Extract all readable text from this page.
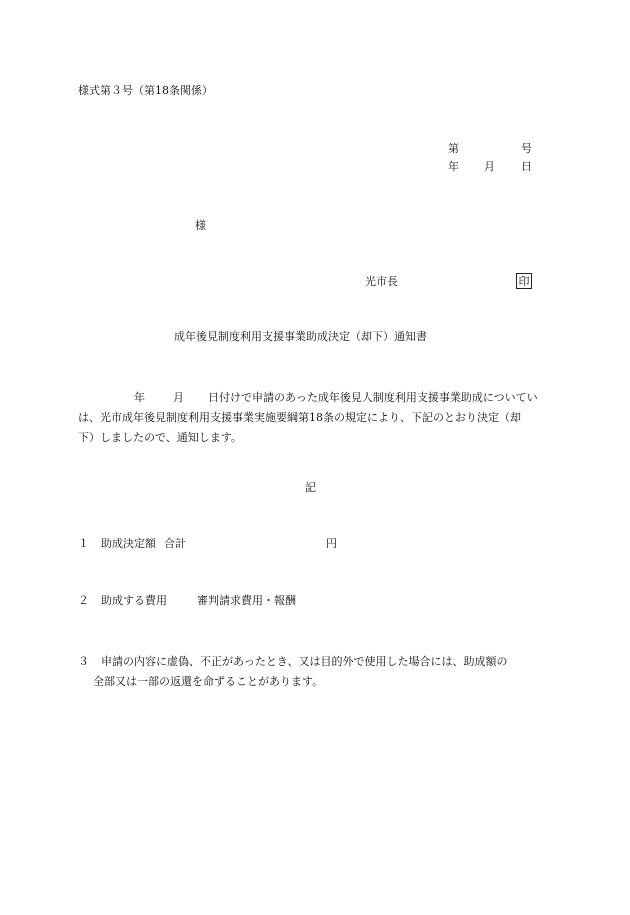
様式第３号（第18条関係）
第	号
年 月 日
様
光市長	印
成年後見制度利用支援事業助成決定（却下）通知書
年	月 日付けで申請のあった成年後見人制度利用支援事業助成についてい
は、光市成年後見制度利用支援事業実施要綱第18条の規定により、下記のとおり決定（却
下）しましたので、通知します。
記
１ 助成決定額 合計	円
２ 助成する費用	審判請求費用・報酬
３ 申請の内容に虚偽、不正があったとき、又は目的外で使用した場合には、助成額の
全部又は一部の返還を命ずることがあります。
